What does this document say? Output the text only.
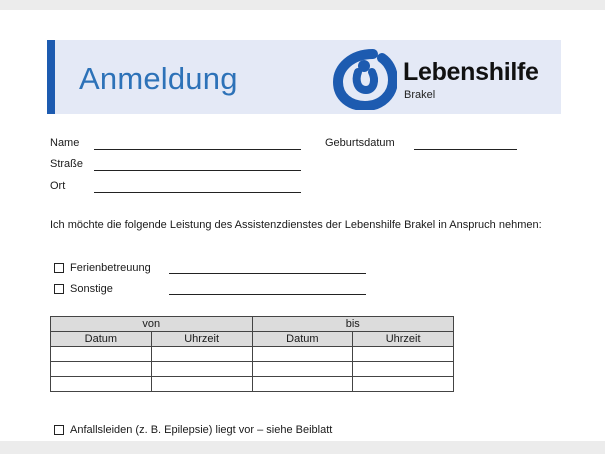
Anmeldung	Lebenshilfe
Brakel
Name	Geburtsdatum
Straße
Ort
Ich möchte die folgende Leistung des Assistenzdienstes der Lebenshilfe Brakel in Anspruch nehmen:
Ferienbetreuung
Sonstige
von		bis	
Datum	Uhrzeit	Datum	Uhrzeit

Anfallsleiden (z. B. Epilepsie) liegt vor – siehe Beiblatt
